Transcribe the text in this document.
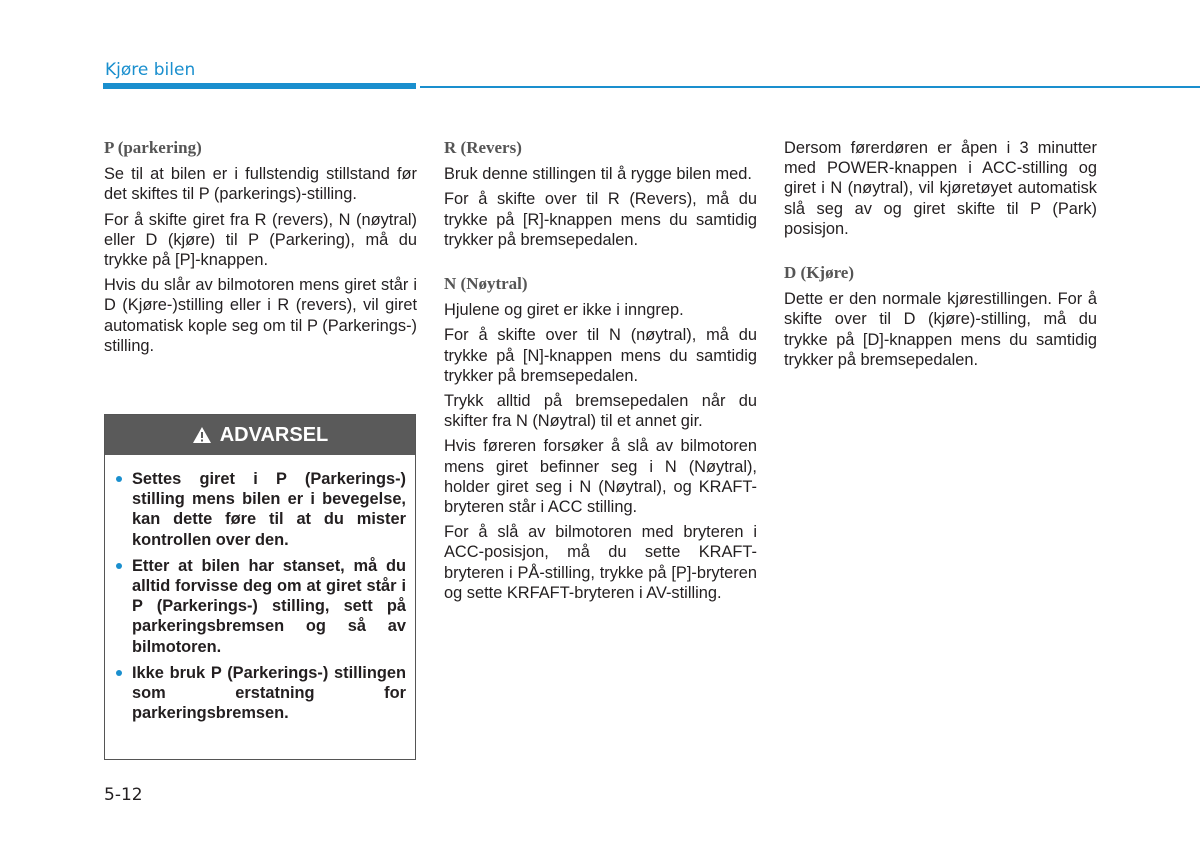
Kjøre bilen
P (parkering)

Se til at bilen er i fullstendig stillstand før det skiftes til P (parkerings)-stilling.

For å skifte giret fra R (revers), N (nøytral) eller D (kjøre) til P (Parkering), må du trykke på [P]-knappen.

Hvis du slår av bilmotoren mens giret står i D (Kjøre-)stilling eller i R (revers), vil giret automatisk kople seg om til P (Parkerings-) stilling.

ADVARSEL
Settes giret i P (Parkerings-) stilling mens bilen er i bevegelse, kan dette føre til at du mister kontrollen over den.
Etter at bilen har stanset, må du alltid forvisse deg om at giret står i P (Parkerings-) stilling, sett på parkeringsbremsen og så av bilmotoren.
Ikke bruk P (Parkerings-) stillingen som erstatning for parkeringsbremsen.
R (Revers)

Bruk denne stillingen til å rygge bilen med.

For å skifte over til R (Revers), må du trykke på [R]-knappen mens du samtidig trykker på bremsepedalen.

N (Nøytral)

Hjulene og giret er ikke i inngrep.

For å skifte over til N (nøytral), må du trykke på [N]-knappen mens du samtidig trykker på bremsepedalen.

Trykk alltid på bremsepedalen når du skifter fra N (Nøytral) til et annet gir.

Hvis føreren forsøker å slå av bilmotoren mens giret befinner seg i N (Nøytral), holder giret seg i N (Nøytral), og KRAFT-bryteren står i ACC stilling.

For å slå av bilmotoren med bryteren i ACC-posisjon, må du sette KRAFT-bryteren i PÅ-stilling, trykke på [P]-bryteren og sette KRFAFT-bryteren i AV-stilling.

Dersom førerdøren er åpen i 3 minutter med POWER-knappen i ACC-stilling og giret i N (nøytral), vil kjøretøyet automatisk slå seg av og giret skifte til P (Park) posisjon.

D (Kjøre)

Dette er den normale kjørestillingen. For å skifte over til D (kjøre)-stilling, må du trykke på [D]-knappen mens du samtidig trykker på bremsepedalen.

5-12
